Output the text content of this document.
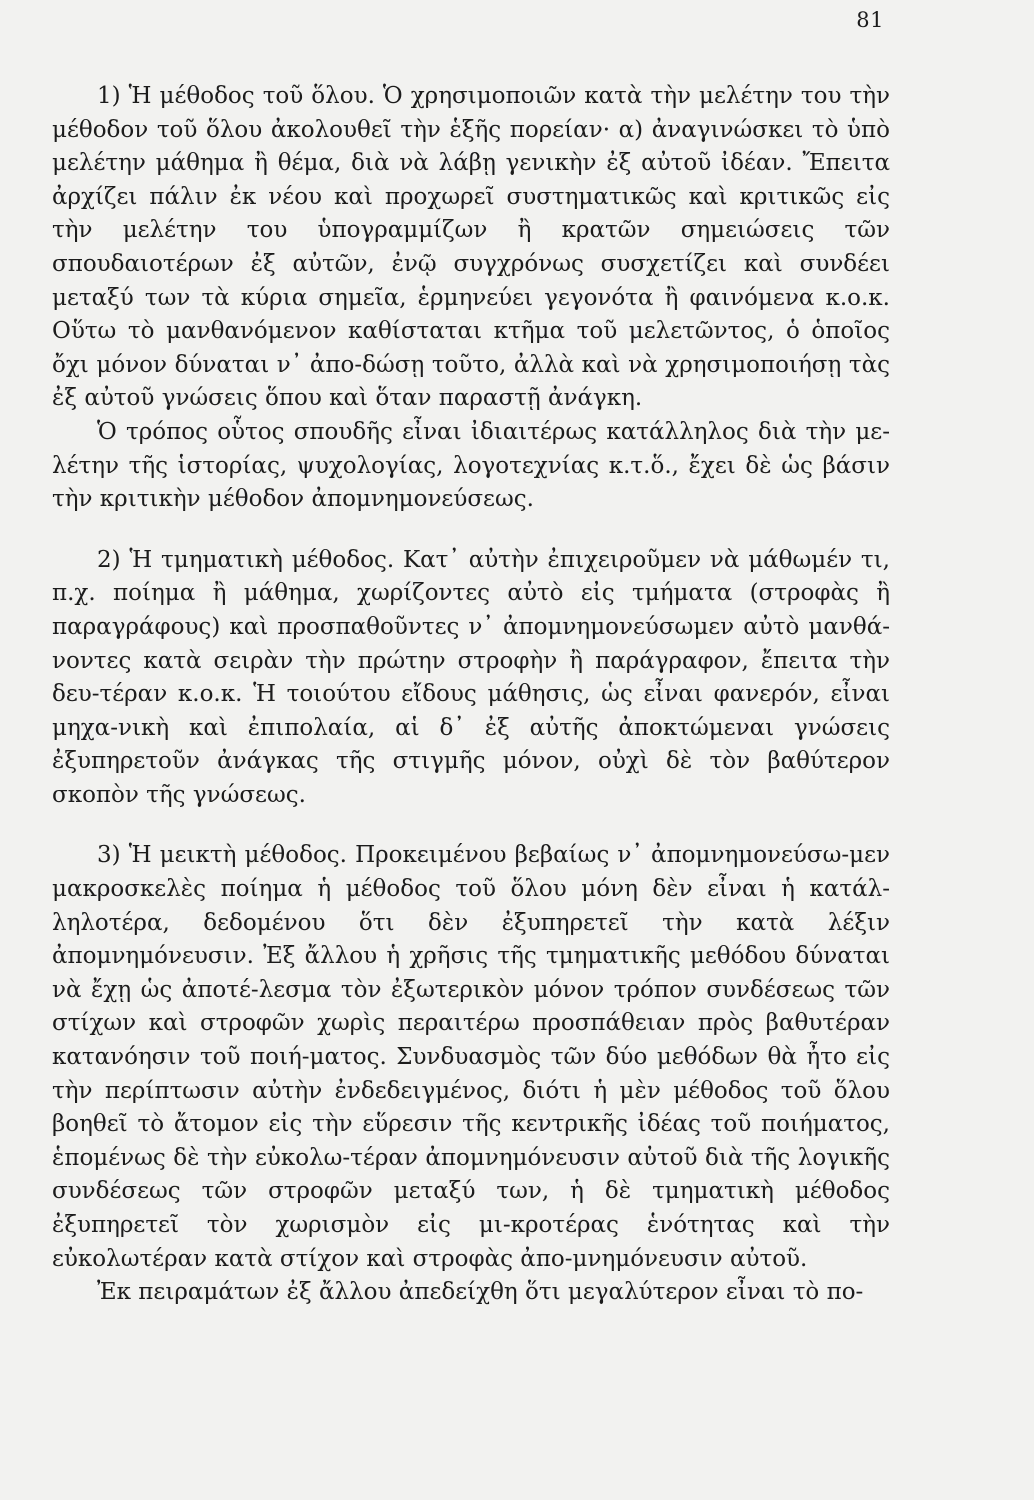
81

1) Ἡ μέθοδος τοῦ ὅλου. Ὁ χρησιμοποιῶν κατὰ τὴν μελέτην του τὴν μέθοδον τοῦ ὅλου ἀκολουθεῖ τὴν ἑξῆς πορείαν· α) ἀναγινώσκει τὸ ὑπὸ μελέτην μάθημα ἢ θέμα, διὰ νὰ λάβῃ γενικὴν ἐξ αὐτοῦ ἰδέαν. Ἔπειτα ἀρχίζει πάλιν ἐκ νέου καὶ προχωρεῖ συστηματικῶς καὶ κριτικῶς εἰς τὴν μελέτην του ὑπογραμμίζων ἢ κρατῶν σημειώσεις τῶν σπουδαιοτέρων ἐξ αὐτῶν, ἐνῷ συγχρόνως συσχετίζει καὶ συνδέει μεταξύ των τὰ κύρια σημεῖα, ἑρμηνεύει γεγονότα ἢ φαινόμενα κ.ο.κ. Οὕτω τὸ μανθανόμενον καθίσταται κτῆμα τοῦ μελετῶντος, ὁ ὁποῖος ὄχι μόνον δύναται ν᾽ ἀπο-δώσῃ τοῦτο, ἀλλὰ καὶ νὰ χρησιμοποιήσῃ τὰς ἐξ αὐτοῦ γνώσεις ὅπου καὶ ὅταν παραστῇ ἀνάγκη.

Ὁ τρόπος οὗτος σπουδῆς εἶναι ἰδιαιτέρως κατάλληλος διὰ τὴν με-λέτην τῆς ἱστορίας, ψυχολογίας, λογοτεχνίας κ.τ.ὅ., ἔχει δὲ ὡς βάσιν τὴν κριτικὴν μέθοδον ἀπομνημονεύσεως.

2) Ἡ τμηματικὴ μέθοδος. Κατ᾽ αὐτὴν ἐπιχειροῦμεν νὰ μάθωμέν τι, π.χ. ποίημα ἢ μάθημα, χωρίζοντες αὐτὸ εἰς τμήματα (στροφὰς ἢ παραγράφους) καὶ προσπαθοῦντες ν᾽ ἀπομνημονεύσωμεν αὐτὸ μανθά-νοντες κατὰ σειρὰν τὴν πρώτην στροφὴν ἢ παράγραφον, ἔπειτα τὴν δευ-τέραν κ.ο.κ. Ἡ τοιούτου εἴδους μάθησις, ὡς εἶναι φανερόν, εἶναι μηχα-νικὴ καὶ ἐπιπολαία, αἱ δ᾽ ἐξ αὐτῆς ἀποκτώμεναι γνώσεις ἐξυπηρετοῦν ἀνάγκας τῆς στιγμῆς μόνον, οὐχὶ δὲ τὸν βαθύτερον σκοπὸν τῆς γνώσεως.

3) Ἡ μεικτὴ μέθοδος. Προκειμένου βεβαίως ν᾽ ἀπομνημονεύσω-μεν μακροσκελὲς ποίημα ἡ μέθοδος τοῦ ὅλου μόνη δὲν εἶναι ἡ κατάλ-ληλοτέρα, δεδομένου ὅτι δὲν ἐξυπηρετεῖ τὴν κατὰ λέξιν ἀπομνημόνευσιν. Ἐξ ἄλλου ἡ χρῆσις τῆς τμηματικῆς μεθόδου δύναται νὰ ἔχῃ ὡς ἀποτέ-λεσμα τὸν ἐξωτερικὸν μόνον τρόπον συνδέσεως τῶν στίχων καὶ στροφῶν χωρὶς περαιτέρω προσπάθειαν πρὸς βαθυτέραν κατανόησιν τοῦ ποιή-ματος. Συνδυασμὸς τῶν δύο μεθόδων θὰ ἦτο εἰς τὴν περίπτωσιν αὐτὴν ἐνδεδειγμένος, διότι ἡ μὲν μέθοδος τοῦ ὅλου βοηθεῖ τὸ ἄτομον εἰς τὴν εὕρεσιν τῆς κεντρικῆς ἰδέας τοῦ ποιήματος, ἑπομένως δὲ τὴν εὐκολω-τέραν ἀπομνημόνευσιν αὐτοῦ διὰ τῆς λογικῆς συνδέσεως τῶν στροφῶν μεταξύ των, ἡ δὲ τμηματικὴ μέθοδος ἐξυπηρετεῖ τὸν χωρισμὸν εἰς μι-κροτέρας ἑνότητας καὶ τὴν εὐκολωτέραν κατὰ στίχον καὶ στροφὰς ἀπο-μνημόνευσιν αὐτοῦ.

Ἐκ πειραμάτων ἐξ ἄλλου ἀπεδείχθη ὅτι μεγαλύτερον εἶναι τὸ πο-
